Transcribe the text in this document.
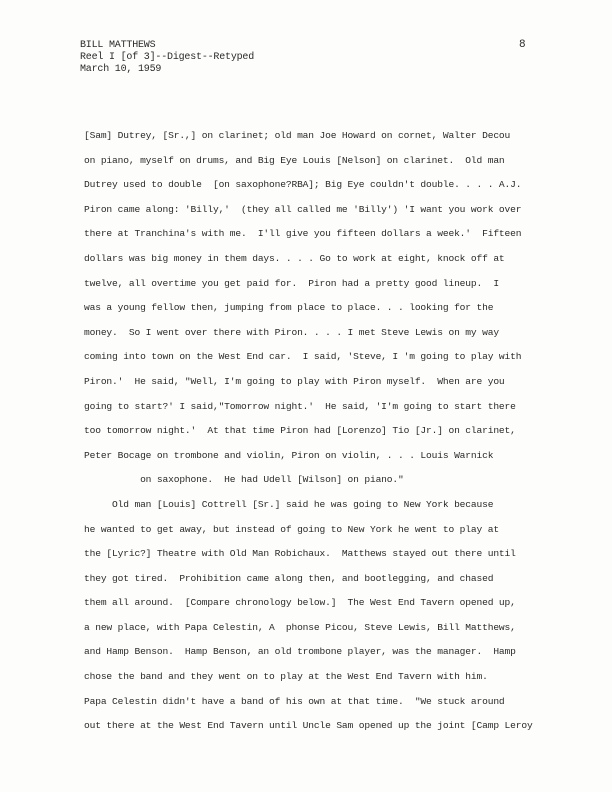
BILL MATTHEWS
Reel I [of 3]--Digest--Retyped
March 10, 1959
8
[Sam] Dutrey, [Sr.,] on clarinet; old man Joe Howard on cornet, Walter Decou
on piano, myself on drums, and Big Eye Louis [Nelson] on clarinet.  Old man
Dutrey used to double  [on saxophone?RBA]; Big Eye couldn't double. . . . A.J.
Piron came along: 'Billy,'  (they all called me 'Billy') 'I want you work over
there at Tranchina's with me.  I'll give you fifteen dollars a week.'  Fifteen
dollars was big money in them days. . . . Go to work at eight, knock off at
twelve, all overtime you get paid for.  Piron had a pretty good lineup.  I
was a young fellow then, jumping from place to place. . . looking for the
money.  So I went over there with Piron. . . . I met Steve Lewis on my way
coming into town on the West End car.  I said, 'Steve, I 'm going to play with
Piron.'  He said, "Well, I'm going to play with Piron myself.  When are you
going to start?' I said,"Tomorrow night.'  He said, 'I'm going to start there
too tomorrow night.'  At that time Piron had [Lorenzo] Tio [Jr.] on clarinet,
Peter Bocage on trombone and violin, Piron on violin, . . . Louis Warnick
on saxophone.  He had Udell [Wilson] on piano."
Old man [Louis] Cottrell [Sr.] said he was going to New York because
he wanted to get away, but instead of going to New York he went to play at
the [Lyric?] Theatre with Old Man Robichaux.  Matthews stayed out there until
they got tired.  Prohibition came along then, and bootlegging, and chased
them all around.  [Compare chronology below.]  The West End Tavern opened up,
a new place, with Papa Celestin, A  phonse Picou, Steve Lewis, Bill Matthews,
and Hamp Benson.  Hamp Benson, an old trombone player, was the manager.  Hamp
chose the band and they went on to play at the West End Tavern with him.
Papa Celestin didn't have a band of his own at that time.  "We stuck around
out there at the West End Tavern until Uncle Sam opened up the joint [Camp Leroy
